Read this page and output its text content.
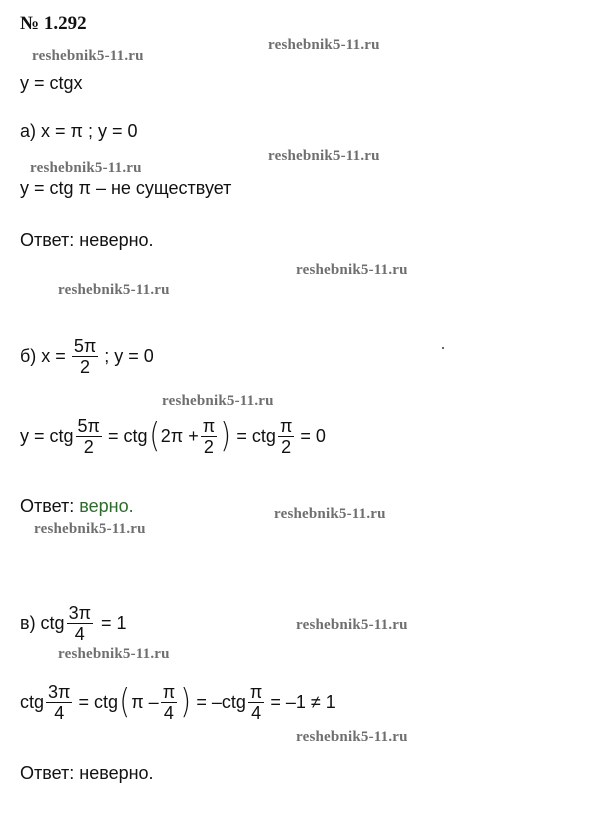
№ 1.292
reshebnik5-11.ru
reshebnik5-11.ru
reshebnik5-11.ru
reshebnik5-11.ru
reshebnik5-11.ru
reshebnik5-11.ru
reshebnik5-11.ru
reshebnik5-11.ru
reshebnik5-11.ru
reshebnik5-11.ru
reshebnik5-11.ru
reshebnik5-11.ru
y = ctgx
а) x = π ; y = 0
y = ctg π – не существует
Ответ: неверно.
б) $x = \frac{5\pi}{2}$ ; y = 0
y = ctg $\frac{5\pi}{2}$ = ctg ( $2\pi + \frac{\pi}{2}$ ) = ctg $\frac{\pi}{2} = 0$
Ответ: верно.
в) ctg $\frac{3\pi}{4} = 1$
ctg $\frac{3\pi}{4}$ = ctg ( π – $\frac{\pi}{4}$ ) = $-ctg \frac{\pi}{4} = -1 \ne 1$
Ответ: неверно.
